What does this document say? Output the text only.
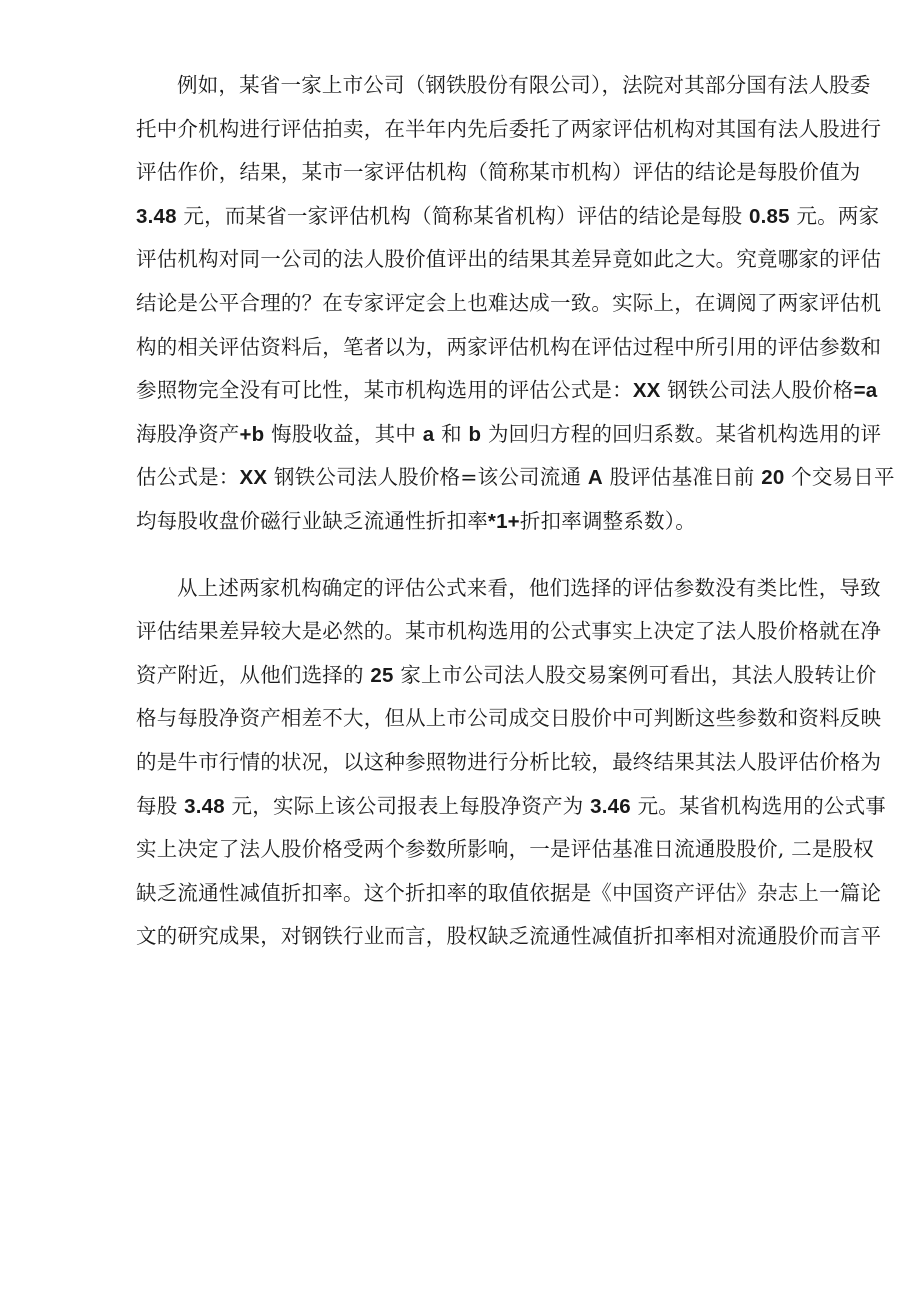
例如，某省一家上市公司（钢铁股份有限公司），法院对其部分国有法人股委
托中介机构进行评估拍卖，在半年内先后委托了两家评估机构对其国有法人股进行
评估作价，结果，某市一家评估机构（简称某市机构）评估的结论是每股价值为
3.48 元，而某省一家评估机构（简称某省机构）评估的结论是每股 0.85 元。两家
评估机构对同一公司的法人股价值评出的结果其差异竟如此之大。究竟哪家的评估
结论是公平合理的？在专家评定会上也难达成一致。实际上，在调阅了两家评估机
构的相关评估资料后，笔者以为，两家评估机构在评估过程中所引用的评估参数和
参照物完全没有可比性，某市机构选用的评估公式是：XX 钢铁公司法人股价格=a
海股净资产+b 悔股收益，其中 a 和 b 为回归方程的回归系数。某省机构选用的评
估公式是：XX 钢铁公司法人股价格=该公司流通 A 股评估基准日前 20 个交易日平
均每股收盘价磁行业缺乏流通性折扣率*1+折扣率调整系数）。
从上述两家机构确定的评估公式来看，他们选择的评估参数没有类比性，导致
评估结果差异较大是必然的。某市机构选用的公式事实上决定了法人股价格就在净
资产附近，从他们选择的 25 家上市公司法人股交易案例可看出，其法人股转让价
格与每股净资产相差不大，但从上市公司成交日股价中可判断这些参数和资料反映
的是牛市行情的状况，以这种参照物进行分析比较，最终结果其法人股评估价格为
每股 3.48 元，实际上该公司报表上每股净资产为 3.46 元。某省机构选用的公式事
实上决定了法人股价格受两个参数所影响，一是评估基准日流通股股价, 二是股权
缺乏流通性减值折扣率。这个折扣率的取值依据是《中国资产评估》杂志上一篇论
文的研究成果，对钢铁行业而言，股权缺乏流通性减值折扣率相对流通股价而言平
